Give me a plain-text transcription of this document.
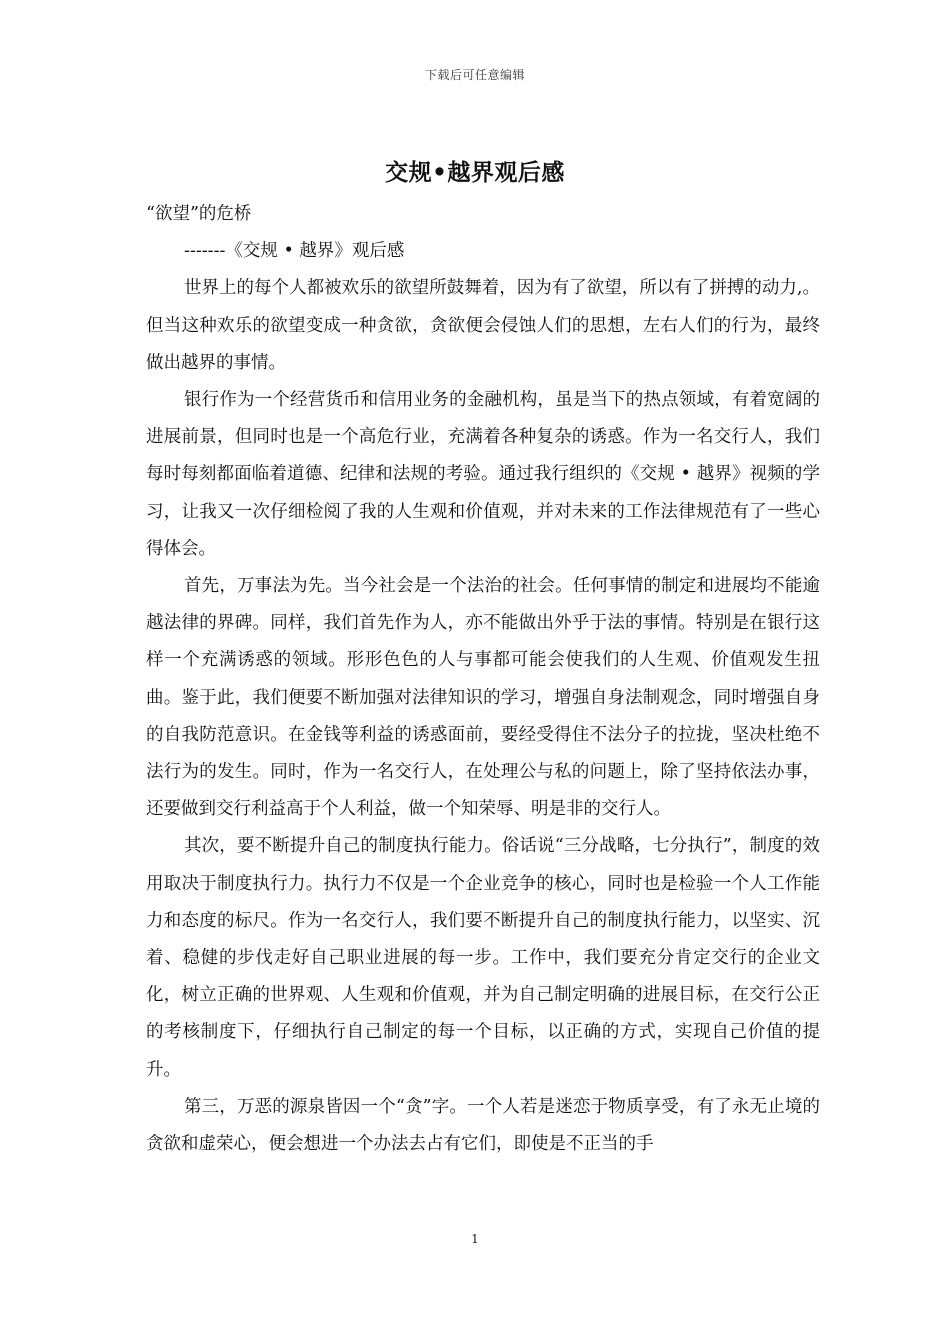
下载后可任意编辑
交规•越界观后感

“欲望”的危桥

-------《交规 • 越界》观后感

世界上的每个人都被欢乐的欲望所鼓舞着，因为有了欲望，所以有了拼搏的动力,。但当这种欢乐的欲望变成一种贪欲，贪欲便会侵蚀人们的思想，左右人们的行为，最终做出越界的事情。

银行作为一个经营货币和信用业务的金融机构，虽是当下的热点领域，有着宽阔的进展前景，但同时也是一个高危行业，充满着各种复杂的诱惑。作为一名交行人，我们每时每刻都面临着道德、纪律和法规的考验。通过我行组织的《交规 • 越界》视频的学习，让我又一次仔细检阅了我的人生观和价值观，并对未来的工作法律规范有了一些心得体会。

首先，万事法为先。当今社会是一个法治的社会。任何事情的制定和进展均不能逾越法律的界碑。同样，我们首先作为人，亦不能做出外乎于法的事情。特别是在银行这样一个充满诱惑的领域。形形色色的人与事都可能会使我们的人生观、价值观发生扭曲。鉴于此，我们便要不断加强对法律知识的学习，增强自身法制观念，同时增强自身的自我防范意识。在金钱等利益的诱惑面前，要经受得住不法分子的拉拢，坚决杜绝不法行为的发生。同时，作为一名交行人，在处理公与私的问题上，除了坚持依法办事，还要做到交行利益高于个人利益，做一个知荣辱、明是非的交行人。

其次，要不断提升自己的制度执行能力。俗话说“三分战略，七分执行”，制度的效用取决于制度执行力。执行力不仅是一个企业竞争的核心，同时也是检验一个人工作能力和态度的标尺。作为一名交行人，我们要不断提升自己的制度执行能力，以坚实、沉着、稳健的步伐走好自己职业进展的每一步。工作中，我们要充分肯定交行的企业文化，树立正确的世界观、人生观和价值观，并为自己制定明确的进展目标，在交行公正的考核制度下，仔细执行自己制定的每一个目标，以正确的方式，实现自己价值的提升。

第三，万恶的源泉皆因一个“贪”字。一个人若是迷恋于物质享受，有了永无止境的贪欲和虚荣心，便会想进一个办法去占有它们，即使是不正当的手

1
